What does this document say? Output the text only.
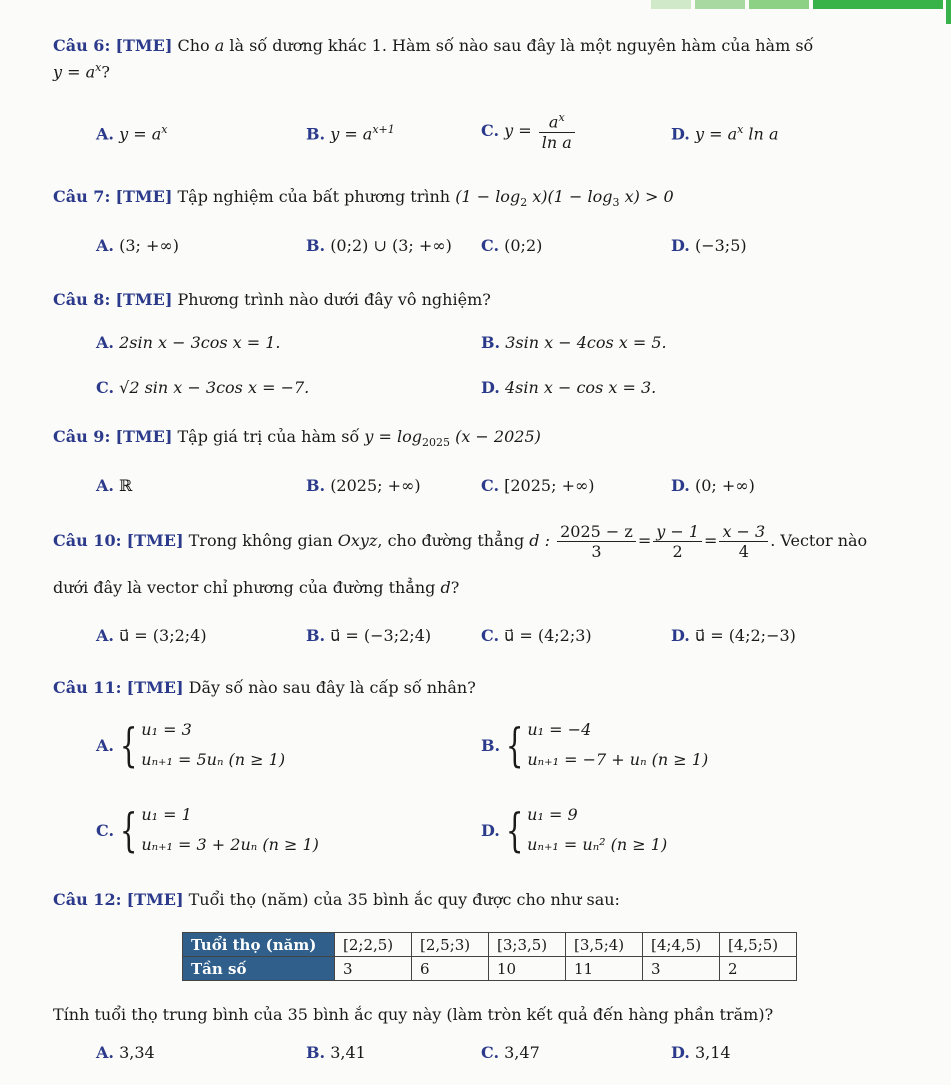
Câu 6: [TME] Cho a là số dương khác 1. Hàm số nào sau đây là một nguyên hàm của hàm số
$y = a^x$?
A. $y = a^x$	B. $y = a^{x+1}$	C. $y = \frac{a^x}{\text{ln a}}$	D. $y = a^x$ ln a
Câu 7: [TME] Tập nghiệm của bất phương trình $(1 - \log_2 x)(1 - \log_3 x) > 0$
A. (3; +∞)	B. (0;2) ∪ (3; +∞) C. (0;2)	D. (−3;5)
Câu 8: [TME] Phương trình nào dưới đây vô nghiệm?
A. 2sin x − 3cos x = 1.	B. 3sin x − 4cos x = 5.
C. √2 sin x − 3cos x = −7.	D. 4sin x − cos x = 3.
Câu 9: [TME] Tập giá trị của hàm số $y = \log_{2025} (x - 2025)$
A. ℝ	B. (2025; +∞)	C. [2025; +∞)	D. (0; +∞)
Câu 10: [TME] Trong không gian Oxyz, cho đường thẳng d : $\frac{2025 - z}{3} = \frac{y - 1}{2} = \frac{x - 3}{4}$ . Vector nào
dưới đây là vector chỉ phương của đường thẳng d?
A. u⃗ = (3;2;4)	B. u⃗ = (−3;2;4)	C. u⃗ = (4;2;3)	D. u⃗ = (4;2;−3)
Câu 11: [TME] Dãy số nào sau đây là cấp số nhân?
A. { u₁ = 3
uₙ₊₁ = 5uₙ (n ≥ 1)
B. { u₁ = −4
uₙ₊₁ = −7 + uₙ (n ≥ 1)
C. { u₁ = 1
uₙ₊₁ = 3 + 2uₙ (n ≥ 1)
D. { u₁ = 9
uₙ₊₁ = uₙ² (n ≥ 1)
Câu 12: [TME] Tuổi thọ (năm) của 35 bình ắc quy được cho như sau:
Tuổi thọ (năm)	[2;2,5)	[2,5;3)	[3;3,5)	[3,5;4)	[4;4,5)	[4,5;5)
Tần số	3	6	10	11	3	2
Tính tuổi thọ trung bình của 35 bình ắc quy này (làm tròn kết quả đến hàng phần trăm)?
A. 3,34	B. 3,41	C. 3,47	D. 3,14
